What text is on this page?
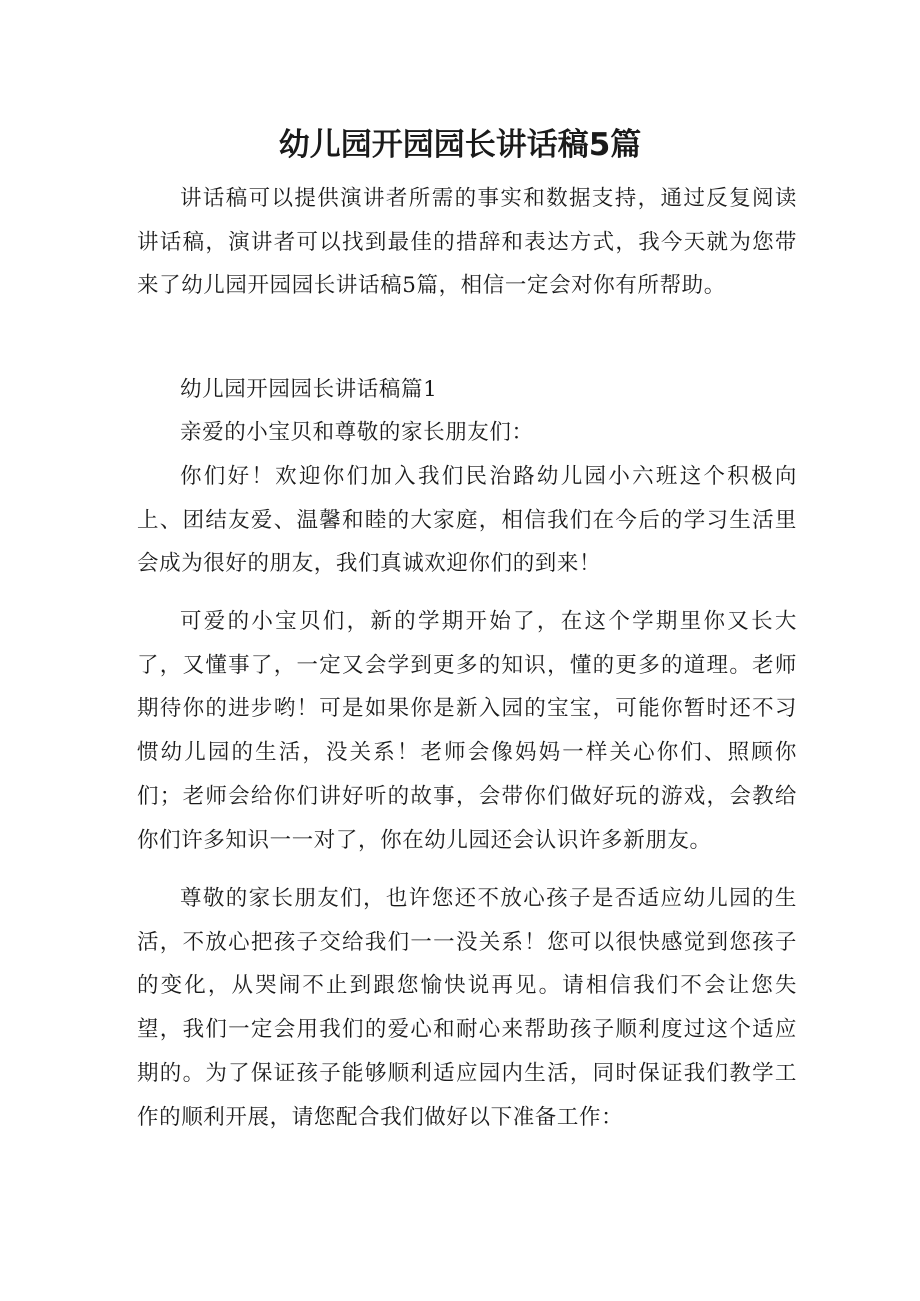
幼儿园开园园长讲话稿5篇

讲话稿可以提供演讲者所需的事实和数据支持，通过反复阅读讲话稿，演讲者可以找到最佳的措辞和表达方式，我今天就为您带来了幼儿园开园园长讲话稿5篇，相信一定会对你有所帮助。

幼儿园开园园长讲话稿篇1

亲爱的小宝贝和尊敬的家长朋友们：

你们好！欢迎你们加入我们民治路幼儿园小六班这个积极向上、团结友爱、温馨和睦的大家庭，相信我们在今后的学习生活里会成为很好的朋友，我们真诚欢迎你们的到来！

可爱的小宝贝们，新的学期开始了，在这个学期里你又长大了，又懂事了，一定又会学到更多的知识，懂的更多的道理。老师期待你的进步哟！可是如果你是新入园的宝宝，可能你暂时还不习惯幼儿园的生活，没关系！老师会像妈妈一样关心你们、照顾你们；老师会给你们讲好听的故事，会带你们做好玩的游戏，会教给你们许多知识一一对了，你在幼儿园还会认识许多新朋友。

尊敬的家长朋友们，也许您还不放心孩子是否适应幼儿园的生活，不放心把孩子交给我们一一没关系！您可以很快感觉到您孩子的变化，从哭闹不止到跟您愉快说再见。请相信我们不会让您失望，我们一定会用我们的爱心和耐心来帮助孩子顺利度过这个适应期的。为了保证孩子能够顺利适应园内生活，同时保证我们教学工作的顺利开展，请您配合我们做好以下准备工作：
